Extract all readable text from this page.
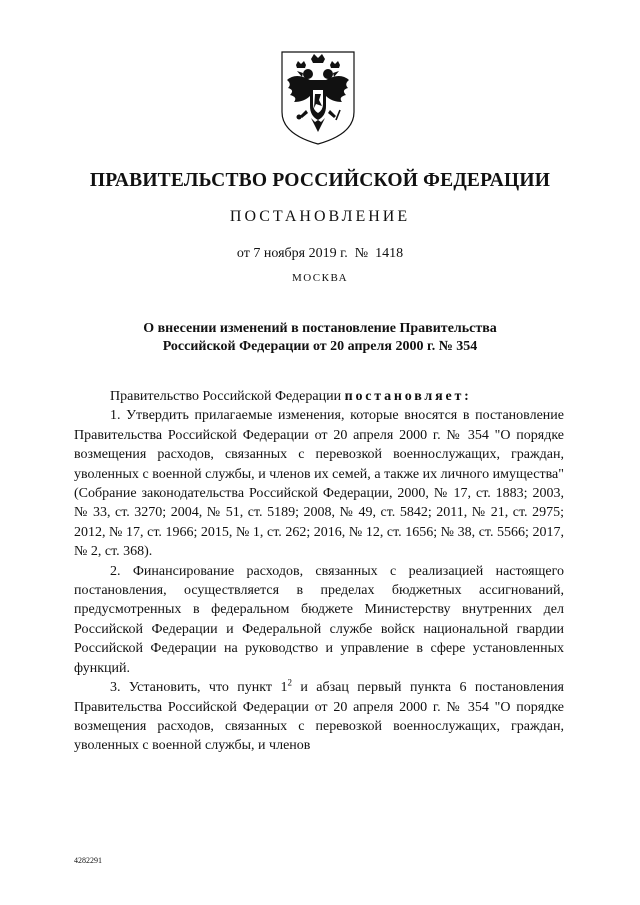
ПРАВИТЕЛЬСТВО РОССИЙСКОЙ ФЕДЕРАЦИИ
ПОСТАНОВЛЕНИЕ
от 7 ноября 2019 г.  №  1418
МОСКВА
О внесении изменений в постановление Правительства
Российской Федерации от 20 апреля 2000 г. № 354

Правительство Российской Федерации постановляет:

1. Утвердить прилагаемые изменения, которые вносятся в постановление Правительства Российской Федерации от 20 апреля 2000 г. № 354 "О порядке возмещения расходов, связанных с перевозкой военнослужащих, граждан, уволенных с военной службы, и членов их семей, а также их личного имущества" (Собрание законодательства Российской Федерации, 2000, № 17, ст. 1883; 2003, № 33, ст. 3270; 2004, № 51, ст. 5189; 2008, № 49, ст. 5842; 2011, № 21, ст. 2975; 2012, № 17, ст. 1966; 2015, № 1, ст. 262; 2016, № 12, ст. 1656; № 38, ст. 5566; 2017, № 2, ст. 368).

2. Финансирование расходов, связанных с реализацией настоящего постановления, осуществляется в пределах бюджетных ассигнований, предусмотренных в федеральном бюджете Министерству внутренних дел Российской Федерации и Федеральной службе войск национальной гвардии Российской Федерации на руководство и управление в сфере установленных функций.

3. Установить, что пункт $1^2$ и абзац первый пункта 6 постановления Правительства Российской Федерации от 20 апреля 2000 г. № 354 "О порядке возмещения расходов, связанных с перевозкой военнослужащих, граждан, уволенных с военной службы, и членов

4282291
